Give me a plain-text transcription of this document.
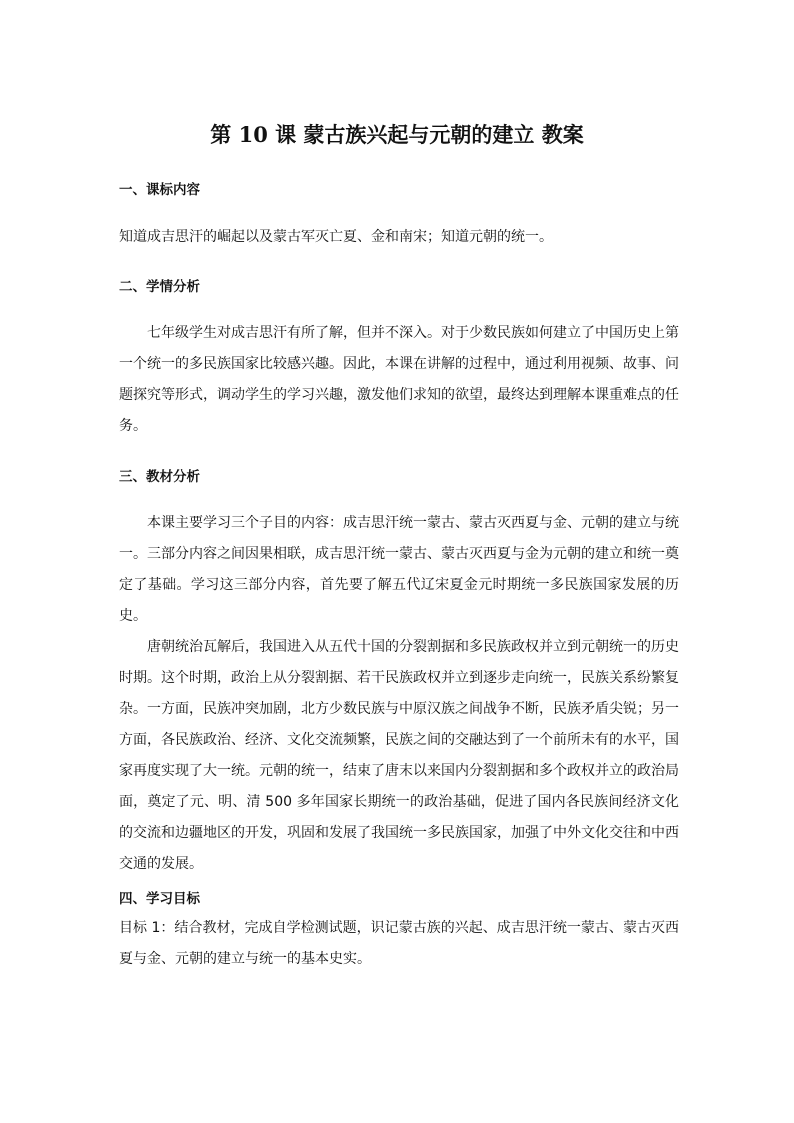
第 10 课 蒙古族兴起与元朝的建立 教案
一、课标内容
知道成吉思汗的崛起以及蒙古军灭亡夏、金和南宋；知道元朝的统一。
二、学情分析
七年级学生对成吉思汗有所了解，但并不深入。对于少数民族如何建立了中国历史上第一个统一的多民族国家比较感兴趣。因此，本课在讲解的过程中，通过利用视频、故事、问题探究等形式，调动学生的学习兴趣，激发他们求知的欲望，最终达到理解本课重难点的任务。
三、教材分析
本课主要学习三个子目的内容：成吉思汗统一蒙古、蒙古灭西夏与金、元朝的建立与统一。三部分内容之间因果相联，成吉思汗统一蒙古、蒙古灭西夏与金为元朝的建立和统一奠定了基础。学习这三部分内容，首先要了解五代辽宋夏金元时期统一多民族国家发展的历史。
唐朝统治瓦解后，我国进入从五代十国的分裂割据和多民族政权并立到元朝统一的历史时期。这个时期，政治上从分裂割据、若干民族政权并立到逐步走向统一，民族关系纷繁复杂。一方面，民族冲突加剧，北方少数民族与中原汉族之间战争不断，民族矛盾尖锐；另一方面，各民族政治、经济、文化交流频繁，民族之间的交融达到了一个前所未有的水平，国家再度实现了大一统。元朝的统一，结束了唐末以来国内分裂割据和多个政权并立的政治局面，奠定了元、明、清 500 多年国家长期统一的政治基础，促进了国内各民族间经济文化的交流和边疆地区的开发，巩固和发展了我国统一多民族国家，加强了中外文化交往和中西交通的发展。
四、学习目标
目标 1：结合教材，完成自学检测试题，识记蒙古族的兴起、成吉思汗统一蒙古、蒙古灭西夏与金、元朝的建立与统一的基本史实。
